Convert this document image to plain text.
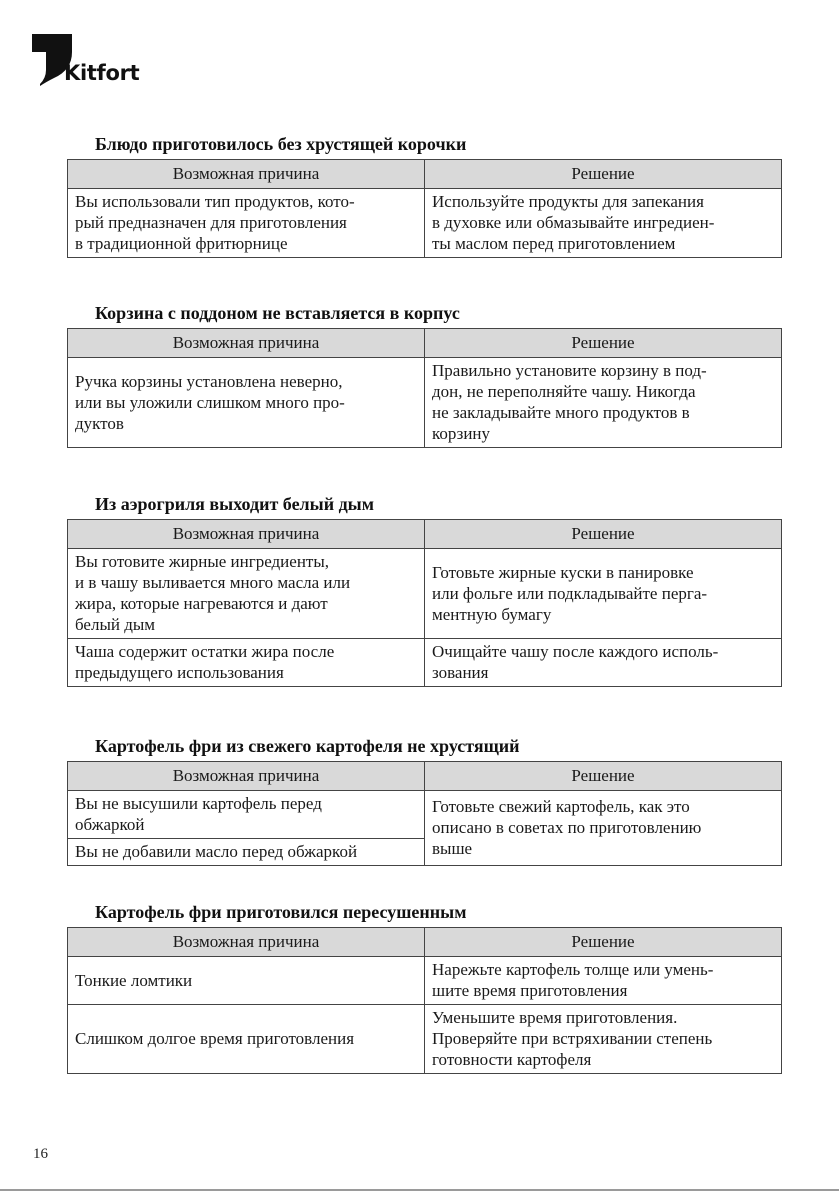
Kitfort
Блюдо приготовилось без хрустящей корочки
Возможная причина	Решение

Вы использовали тип продуктов, кото-
рый предназначен для приготовления
в традиционной фритюрнице	Используйте продукты для запекания
в духовке или обмазывайте ингредиен-
ты маслом перед приготовлением
Корзина с поддоном не вставляется в корпус
Возможная причина	Решение

Ручка корзины установлена неверно,
или вы уложили слишком много про-
дуктов	Правильно установите корзину в под-
дон, не переполняйте чашу. Никогда
не закладывайте много продуктов в
корзину
Из аэрогриля выходит белый дым
Возможная причина	Решение

Вы готовите жирные ингредиенты,
и в чашу выливается много масла или
жира, которые нагреваются и дают
белый дым	Готовьте жирные куски в панировке
или фольге или подкладывайте перга-
ментную бумагу

Чаша содержит остатки жира после
предыдущего использования	Очищайте чашу после каждого исполь-
зования
Картофель фри из свежего картофеля не хрустящий
Возможная причина	Решение

Вы не высушили картофель перед
обжаркой	Готовьте свежий картофель, как это
описано в советах по приготовлению
выше

Вы не добавили масло перед обжаркой	
Картофель фри приготовился пересушенным
Возможная причина	Решение

Тонкие ломтики	Нарежьте картофель толще или умень-
шите время приготовления

Слишком долгое время приготовления	Уменьшите время приготовления.
Проверяйте при встряхивании степень
готовности картофеля
16
